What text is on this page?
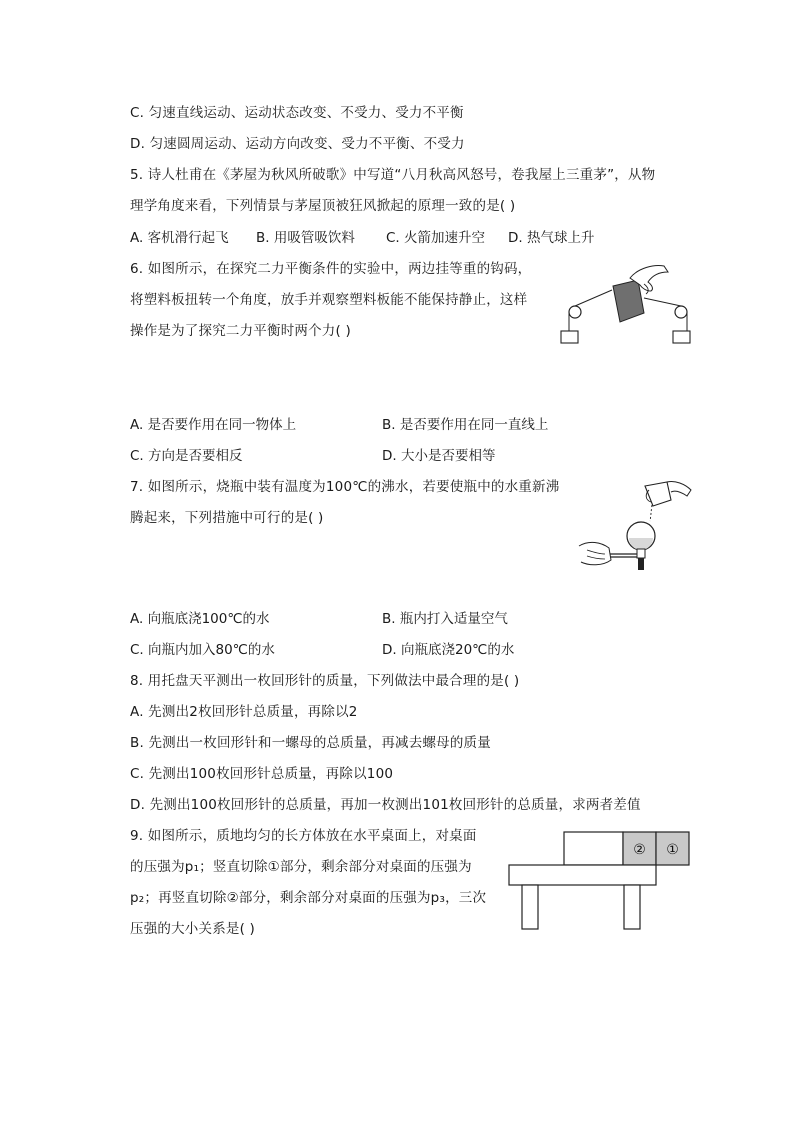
C. 匀速直线运动、运动状态改变、不受力、受力不平衡
D. 匀速圆周运动、运动方向改变、受力不平衡、不受力
5. 诗人杜甫在《茅屋为秋风所破歌》中写道“八月秋高风怒号，卷我屋上三重茅”，从物
理学角度来看，下列情景与茅屋顶被狂风掀起的原理一致的是( )
A. 客机滑行起飞 B. 用吸管吸饮料 C. 火箭加速升空 D. 热气球上升
6. 如图所示，在探究二力平衡条件的实验中，两边挂等重的钩码，
将塑料板扭转一个角度，放手并观察塑料板能不能保持静止，这样
操作是为了探究二力平衡时两个力( )
A. 是否要作用在同一物体上	B. 是否要作用在同一直线上
C. 方向是否要相反	D. 大小是否要相等
7. 如图所示，烧瓶中装有温度为100℃的沸水，若要使瓶中的水重新沸
腾起来，下列措施中可行的是( )
A. 向瓶底浇100℃的水	B. 瓶内打入适量空气
C. 向瓶内加入80℃的水	D. 向瓶底浇20℃的水
8. 用托盘天平测出一枚回形针的质量，下列做法中最合理的是( )
A. 先测出2枚回形针总质量，再除以2
B. 先测出一枚回形针和一螺母的总质量，再减去螺母的质量
C. 先测出100枚回形针总质量，再除以100
D. 先测出100枚回形针的总质量，再加一枚测出101枚回形针的总质量，求两者差值
9. 如图所示，质地均匀的长方体放在水平桌面上，对桌面
的压强为p₁；竖直切除①部分，剩余部分对桌面的压强为
p₂；再竖直切除②部分，剩余部分对桌面的压强为p₃，三次
压强的大小关系是( )
② ①
